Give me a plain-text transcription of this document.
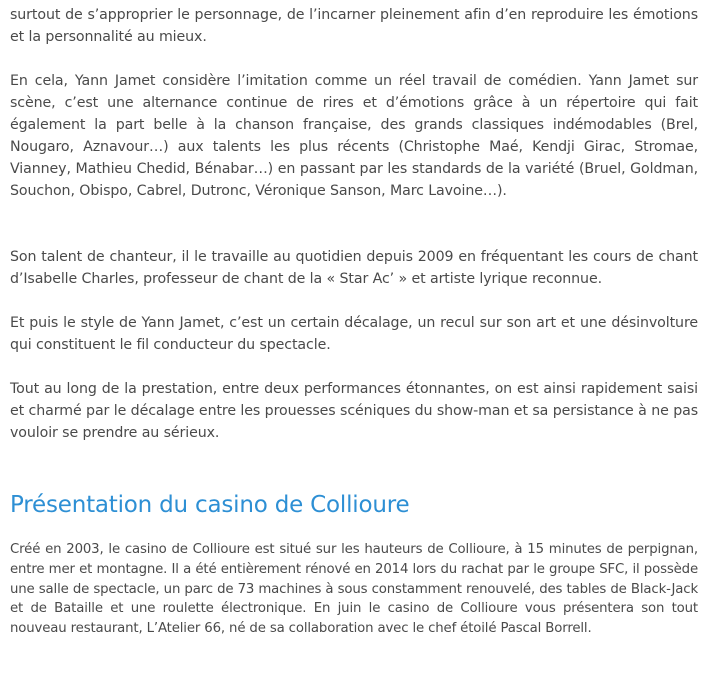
surtout de s’approprier le personnage, de l’incarner pleinement afin d’en reproduire les émotions et la personnalité au mieux.

En cela, Yann Jamet considère l’imitation comme un réel travail de comédien. Yann Jamet sur scène, c’est une alternance continue de rires et d’émotions grâce à un répertoire qui fait également la part belle à la chanson française, des grands classiques indémodables (Brel, Nougaro, Aznavour…) aux talents les plus récents (Christophe Maé, Kendji Girac, Stromae, Vianney, Mathieu Chedid, Bénabar…) en passant par les standards de la variété (Bruel, Goldman, Souchon, Obispo, Cabrel, Dutronc, Véronique Sanson, Marc Lavoine…).

Son talent de chanteur, il le travaille au quotidien depuis 2009 en fréquentant les cours de chant d’Isabelle Charles, professeur de chant de la « Star Ac’ » et artiste lyrique reconnue.

Et puis le style de Yann Jamet, c’est un certain décalage, un recul sur son art et une désinvolture qui constituent le fil conducteur du spectacle.

Tout au long de la prestation, entre deux performances étonnantes, on est ainsi rapidement saisi et charmé par le décalage entre les prouesses scéniques du show-man et sa persistance à ne pas vouloir se prendre au sérieux.

Présentation du casino de Collioure

Créé en 2003, le casino de Collioure est situé sur les hauteurs de Collioure, à 15 minutes de perpignan, entre mer et montagne. Il a été entièrement rénové en 2014 lors du rachat par le groupe SFC, il possède une salle de spectacle, un parc de 73 machines à sous constamment renouvelé, des tables de Black-Jack et de Bataille et une roulette électronique. En juin le casino de Collioure vous présentera son tout nouveau restaurant, L’Atelier 66, né de sa collaboration avec le chef étoilé Pascal Borrell.
